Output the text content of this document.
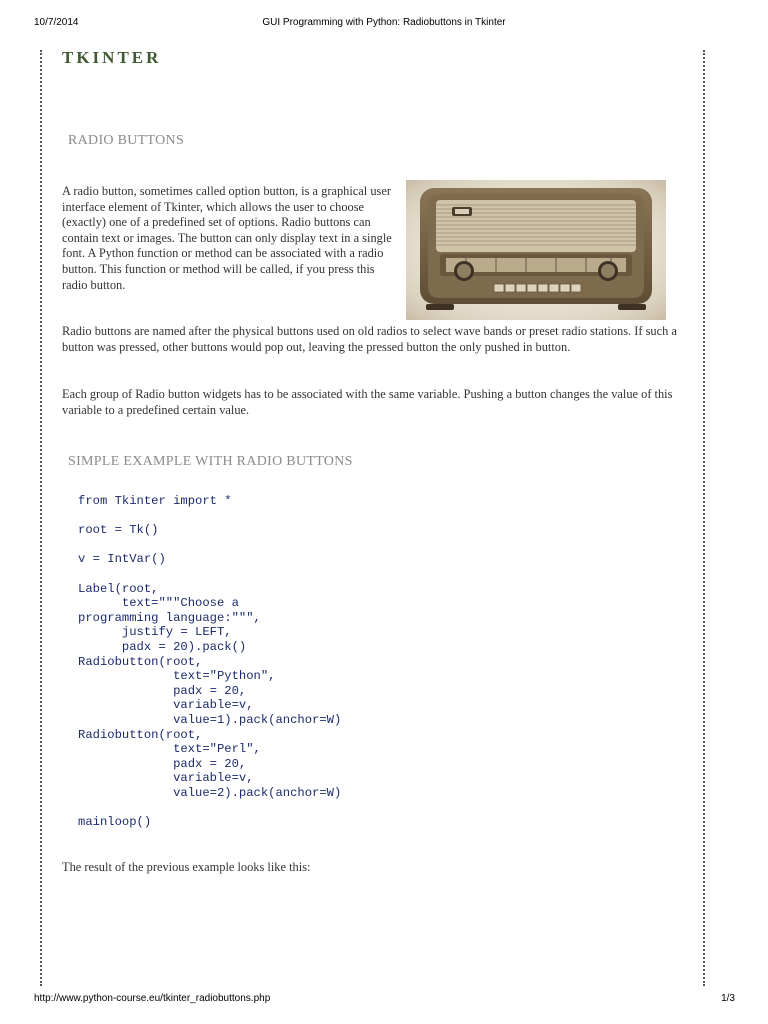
10/7/2014	GUI Programming with Python: Radiobuttons in Tkinter
TKINTER
RADIO BUTTONS

A radio button, sometimes called option button, is a graphical user interface element of Tkinter, which allows the user to choose (exactly) one of a predefined set of options. Radio buttons can contain text or images. The button can only display text in a single font. A Python function or method can be associated with a radio button. This function or method will be called, if you press this radio button.

Radio buttons are named after the physical buttons used on old radios to select wave bands or preset radio stations. If such a button was pressed, other buttons would pop out, leaving the pressed button the only pushed in button.

Each group of Radio button widgets has to be associated with the same variable. Pushing a button changes the value of this variable to a predefined certain value.

SIMPLE EXAMPLE WITH RADIO BUTTONS
from Tkinter import *

root = Tk()

v = IntVar()

Label(root,
text="""Choose a
programming language:""",
justify = LEFT,
padx = 20).pack()
Radiobutton(root,
text="Python",
padx = 20,
variable=v,
value=1).pack(anchor=W)
Radiobutton(root,
text="Perl",
padx = 20,
variable=v,
value=2).pack(anchor=W)

mainloop()

The result of the previous example looks like this:

http://www.python-course.eu/tkinter_radiobuttons.php	1/3
